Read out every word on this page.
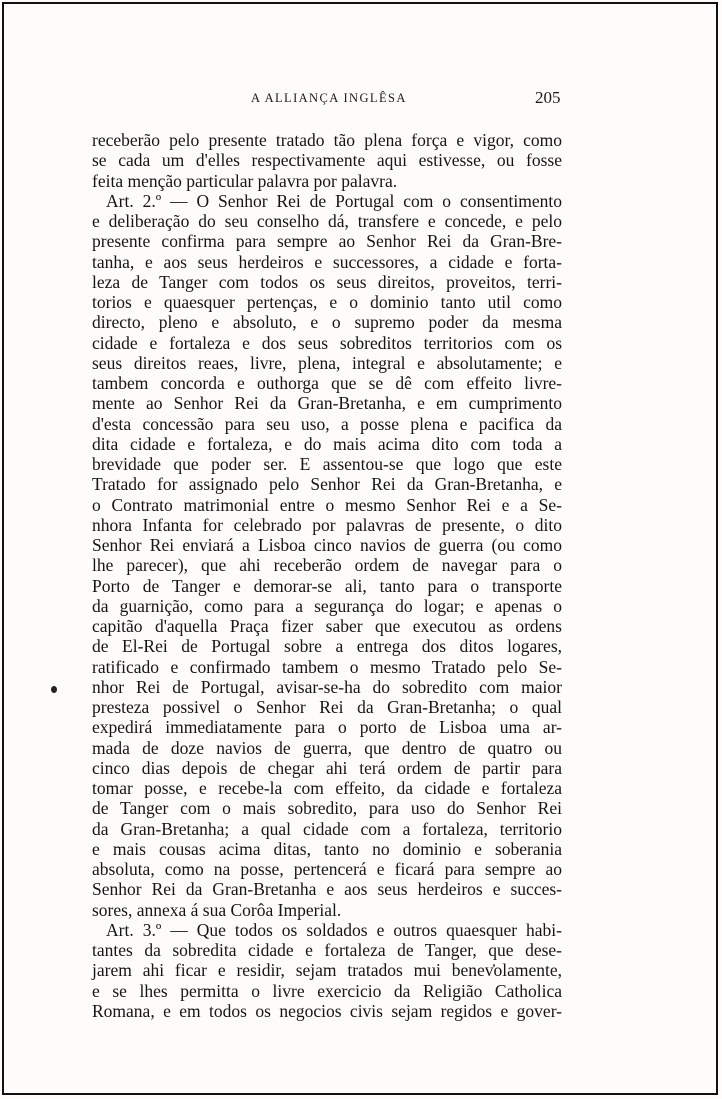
A ALLIANÇA INGLÊSA	205
receberão pelo presente tratado tão plena força e vigor, como
se cada um d'elles respectivamente aqui estivesse, ou fosse
feita menção particular palavra por palavra.
Art. 2.º — O Senhor Rei de Portugal com o consentimento
e deliberação do seu conselho dá, transfere e concede, e pelo
presente confirma para sempre ao Senhor Rei da Gran-Bre-
tanha, e aos seus herdeiros e successores, a cidade e forta-
leza de Tanger com todos os seus direitos, proveitos, terri-
torios e quaesquer pertenças, e o dominio tanto util como
directo, pleno e absoluto, e o supremo poder da mesma
cidade e fortaleza e dos seus sobreditos territorios com os
seus direitos reaes, livre, plena, integral e absolutamente; e
tambem concorda e outhorga que se dê com effeito livre-
mente ao Senhor Rei da Gran-Bretanha, e em cumprimento
d'esta concessão para seu uso, a posse plena e pacifica da
dita cidade e fortaleza, e do mais acima dito com toda a
brevidade que poder ser. E assentou-se que logo que este
Tratado for assignado pelo Senhor Rei da Gran-Bretanha, e
o Contrato matrimonial entre o mesmo Senhor Rei e a Se-
nhora Infanta for celebrado por palavras de presente, o dito
Senhor Rei enviará a Lisboa cinco navios de guerra (ou como
lhe parecer), que ahi receberão ordem de navegar para o
Porto de Tanger e demorar-se ali, tanto para o transporte
da guarnição, como para a segurança do logar; e apenas o
capitão d'aquella Praça fizer saber que executou as ordens
de El-Rei de Portugal sobre a entrega dos ditos logares,
ratificado e confirmado tambem o mesmo Tratado pelo Se-
nhor Rei de Portugal, avisar-se-ha do sobredito com maior
presteza possivel o Senhor Rei da Gran-Bretanha; o qual
expedirá immediatamente para o porto de Lisboa uma ar-
mada de doze navios de guerra, que dentro de quatro ou
cinco dias depois de chegar ahi terá ordem de partir para
tomar posse, e recebe-la com effeito, da cidade e fortaleza
de Tanger com o mais sobredito, para uso do Senhor Rei
da Gran-Bretanha; a qual cidade com a fortaleza, territorio
e mais cousas acima ditas, tanto no dominio e soberania
absoluta, como na posse, pertencerá e ficará para sempre ao
Senhor Rei da Gran-Bretanha e aos seus herdeiros e succes-
sores, annexa á sua Corôa Imperial.
Art. 3.º — Que todos os soldados e outros quaesquer habi-
tantes da sobredita cidade e fortaleza de Tanger, que dese-
jarem ahi ficar e residir, sejam tratados mui benevolamente,
e se lhes permitta o livre exercicio da Religião Catholica
Romana, e em todos os negocios civis sejam regidos e gover-
